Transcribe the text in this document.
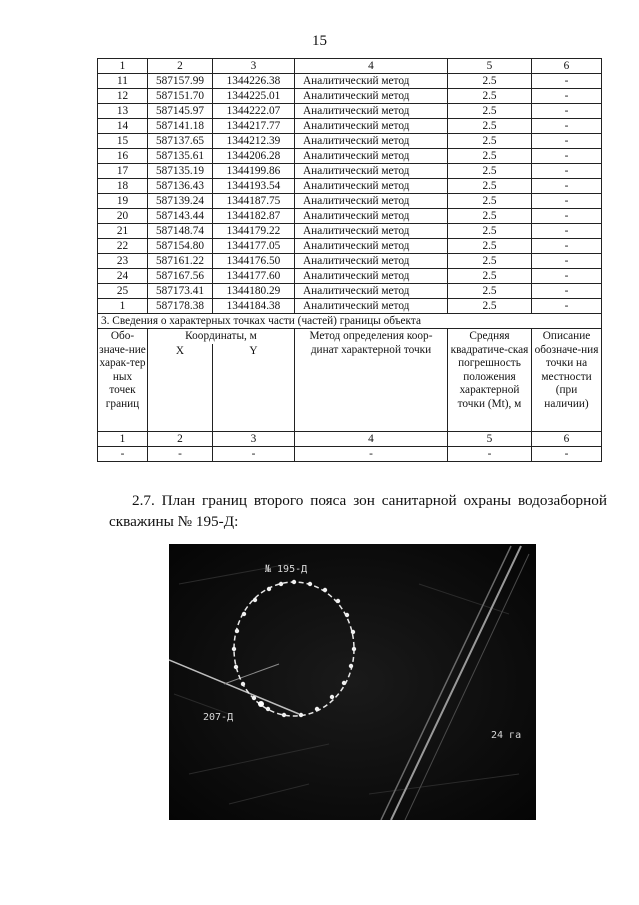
15
1	2	3	4	5	6
11	587157.99	1344226.38	Аналитический метод	2.5	-
12	587151.70	1344225.01	Аналитический метод	2.5	-
13	587145.97	1344222.07	Аналитический метод	2.5	-
14	587141.18	1344217.77	Аналитический метод	2.5	-
15	587137.65	1344212.39	Аналитический метод	2.5	-
16	587135.61	1344206.28	Аналитический метод	2.5	-
17	587135.19	1344199.86	Аналитический метод	2.5	-
18	587136.43	1344193.54	Аналитический метод	2.5	-
19	587139.24	1344187.75	Аналитический метод	2.5	-
20	587143.44	1344182.87	Аналитический метод	2.5	-
21	587148.74	1344179.22	Аналитический метод	2.5	-
22	587154.80	1344177.05	Аналитический метод	2.5	-
23	587161.22	1344176.50	Аналитический метод	2.5	-
24	587167.56	1344177.60	Аналитический метод	2.5	-
25	587173.41	1344180.29	Аналитический метод	2.5	-
1	587178.38	1344184.38	Аналитический метод	2.5	-
3. Сведения о характерных точках части (частей) границы объекта					
Обо-значе-ние харак-тер ных точек границ	Координаты, м		Метод определения коор-динат характерной точки	Средняя квадратиче-ская погрешность положения характерной точки (Mt), м	Описание обозначе-ния точки на местности (при наличии)
	X	Y			
1	2	3	4	5	6
-	-	-	-	-	-
2.7. План границ второго пояса зон санитарной охраны водозаборной скважины № 195-Д:
№ 195-Д
207-Д
24 га
